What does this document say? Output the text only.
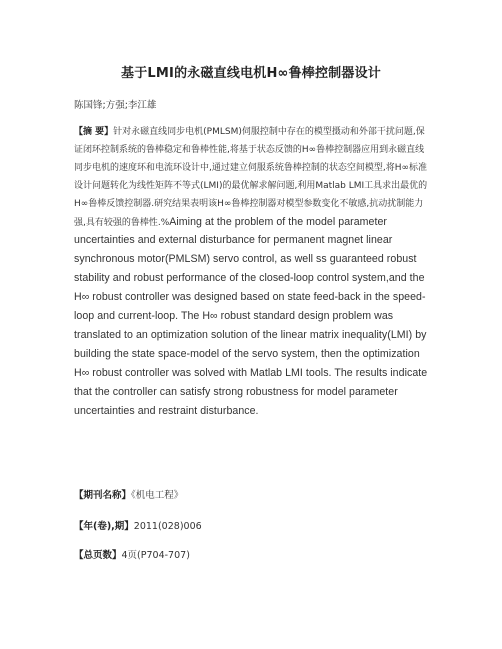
基于LMI的永磁直线电机H∞鲁棒控制器设计
陈国锋;方强;李江雄

【摘 要】针对永磁直线同步电机(PMLSM)伺服控制中存在的模型摄动和外部干扰问题,保证闭环控制系统的鲁棒稳定和鲁棒性能,将基于状态反馈的H∞鲁棒控制器应用到永磁直线同步电机的速度环和电流环设计中,通过建立伺服系统鲁棒控制的状态空间模型,将H∞标准设计问题转化为线性矩阵不等式(LMI)的最优解求解问题,利用Matlab LMI工具求出最优的H∞鲁棒反馈控制器.研究结果表明该H∞鲁棒控制器对模型参数变化不敏感,抗动扰制能力强,具有较强的鲁棒性.%Aiming at the problem of the model parameter uncertainties and external disturbance for permanent magnet linear synchronous motor(PMLSM) servo control, as well ss guaranteed robust stability and robust performance of the closed-loop control system,and the H∞ robust controller was designed based on state feed-back in the speed-loop and current-loop. The H∞ robust standard design problem was translated to an optimization solution of the linear matrix inequality(LMI) by building the state space-model of the servo system, then the optimization H∞ robust controller was solved with Matlab LMI tools. The results indicate that the controller can satisfy strong robustness for model parameter uncertainties and restraint disturbance.

【期刊名称】《机电工程》
【年(卷),期】2011(028)006
【总页数】4页(P704-707)
